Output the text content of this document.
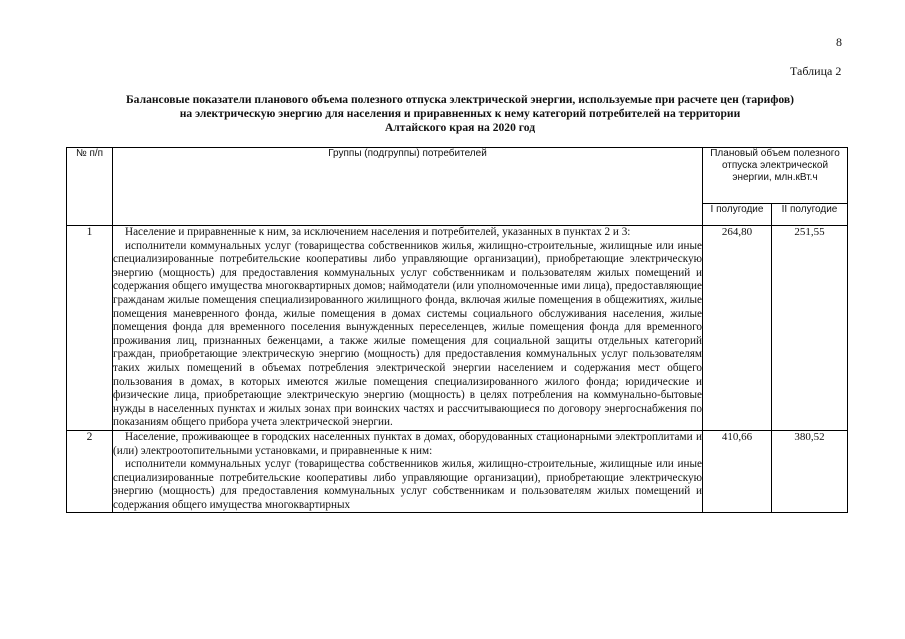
8
Таблица 2
Балансовые показатели планового объема полезного отпуска электрической энергии, используемые при расчете цен (тарифов)
на электрическую энергию для населения и приравненных к нему категорий потребителей на территории
Алтайского края на 2020 год
№ п/п	Группы (подгруппы) потребителей	Плановый объем полезного отпуска электрической энергии, млн.кВт.ч	
		I полугодие	II полугодие
1	Население и приравненные к ним, за исключением населения и потребителей, указанных в пунктах 2 и 3:

исполнители коммунальных услуг (товарищества собственников жилья, жилищно-строительные, жилищные или иные специализированные потребительские кооперативы либо управляющие организации), приобретающие электрическую энергию (мощность) для предоставления коммунальных услуг собственникам и пользователям жилых помещений и содержания общего имущества многоквартирных домов; наймодатели (или уполномоченные ими лица), предоставляющие гражданам жилые помещения специализированного жилищного фонда, включая жилые помещения в общежитиях, жилые помещения маневренного фонда, жилые помещения в домах системы социального обслуживания населения, жилые помещения фонда для временного поселения вынужденных переселенцев, жилые помещения фонда для временного проживания лиц, признанных беженцами, а также жилые помещения для социальной защиты отдельных категорий граждан, приобретающие электрическую энергию (мощность) для предоставления коммунальных услуг пользователям таких жилых помещений в объемах потребления электрической энергии населением и содержания мест общего пользования в домах, в которых имеются жилые помещения специализированного жилого фонда; юридические и физические лица, приобретающие электрическую энергию (мощность) в целях потребления на коммунально-бытовые нужды в населенных пунктах и жилых зонах при воинских частях и рассчитывающиеся по договору энергоснабжения по показаниям общего прибора учета электрической энергии.	264,80	251,55
2	Население, проживающее в городских населенных пунктах в домах, оборудованных стационарными электроплитами и (или) электроотопительными установками, и приравненные к ним:

исполнители коммунальных услуг (товарищества собственников жилья, жилищно-строительные, жилищные или иные специализированные потребительские кооперативы либо управляющие организации), приобретающие электрическую энергию (мощность) для предоставления коммунальных услуг собственникам и пользователям жилых помещений и содержания общего имущества многоквартирных	410,66	380,52
